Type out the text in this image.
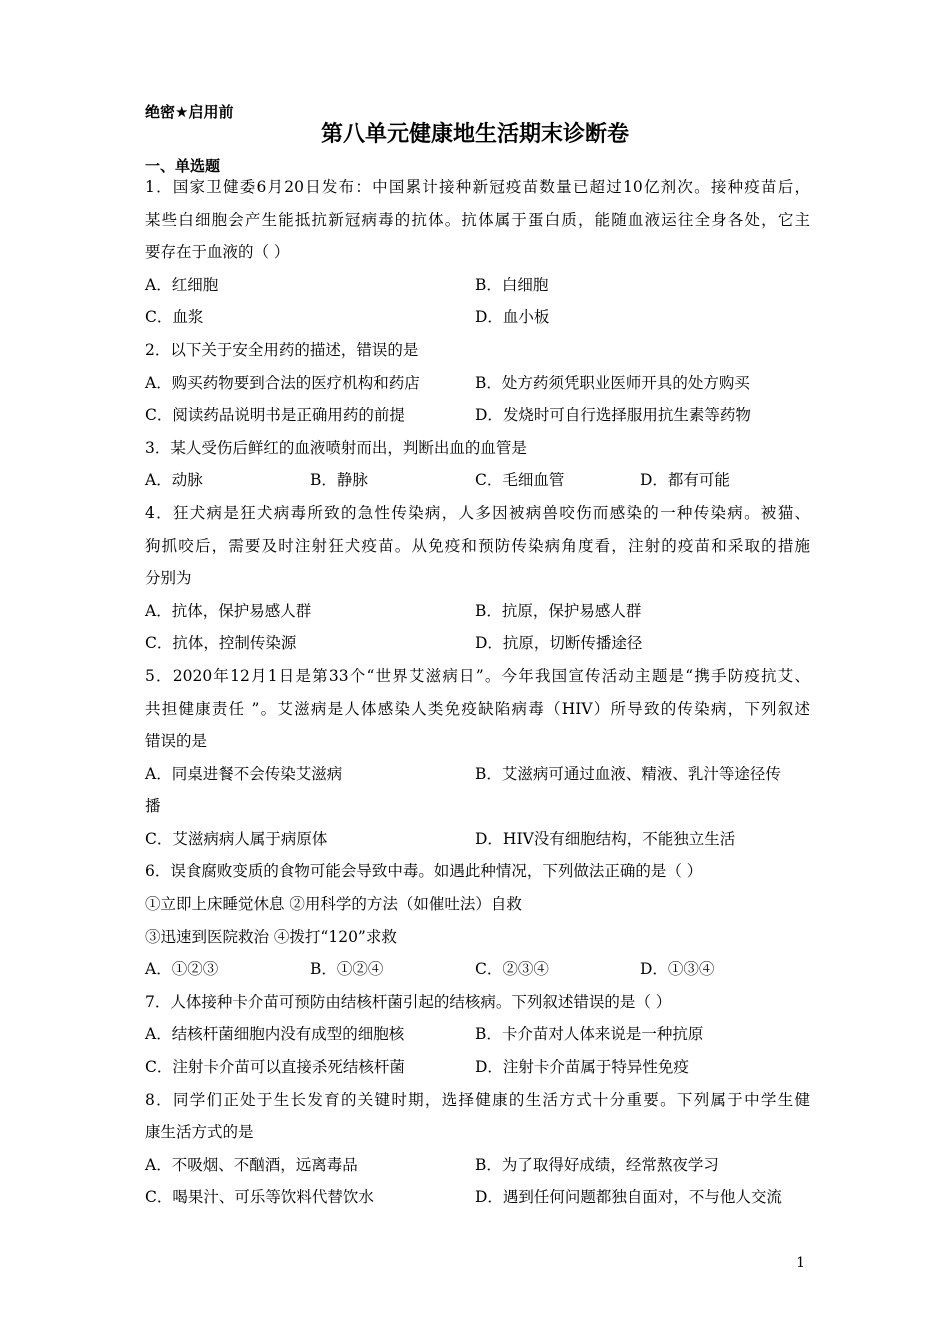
绝密★启用前
第八单元健康地生活期末诊断卷
一、单选题
1．国家卫健委6月20日发布：中国累计接种新冠疫苗数量已超过10亿剂次。接种疫苗后，
某些白细胞会产生能抵抗新冠病毒的抗体。抗体属于蛋白质，能随血液运往全身各处，它主
要存在于血液的（ ）
A．红细胞	B．白细胞
C．血浆	D．血小板
2．以下关于安全用药的描述，错误的是
A．购买药物要到合法的医疗机构和药店	B．处方药须凭职业医师开具的处方购买
C．阅读药品说明书是正确用药的前提	D．发烧时可自行选择服用抗生素等药物
3．某人受伤后鲜红的血液喷射而出，判断出血的血管是
A．动脉	B．静脉	C．毛细血管	D．都有可能
4．狂犬病是狂犬病毒所致的急性传染病，人多因被病兽咬伤而感染的一种传染病。被猫、
狗抓咬后，需要及时注射狂犬疫苗。从免疫和预防传染病角度看，注射的疫苗和采取的措施
分别为
A．抗体，保护易感人群	B．抗原，保护易感人群
C．抗体，控制传染源	D．抗原，切断传播途径
5．2020年12月1日是第33个“世界艾滋病日”。今年我国宣传活动主题是“携手防疫抗艾、
共担健康责任 ”。艾滋病是人体感染人类免疫缺陷病毒（HIV）所导致的传染病，下列叙述
错误的是
A．同桌进餐不会传染艾滋病	B．艾滋病可通过血液、精液、乳汁等途径传
播
C．艾滋病病人属于病原体	D．HIV没有细胞结构，不能独立生活
6．误食腐败变质的食物可能会导致中毒。如遇此种情况，下列做法正确的是（ ）
①立即上床睡觉休息 ②用科学的方法（如催吐法）自救
③迅速到医院救治 ④拨打“120”求救
A．①②③	B．①②④	C．②③④	D．①③④
7．人体接种卡介苗可预防由结核杆菌引起的结核病。下列叙述错误的是（ ）
A．结核杆菌细胞内没有成型的细胞核	B．卡介苗对人体来说是一种抗原
C．注射卡介苗可以直接杀死结核杆菌	D．注射卡介苗属于特异性免疫
8．同学们正处于生长发育的关键时期，选择健康的生活方式十分重要。下列属于中学生健
康生活方式的是
A．不吸烟、不酗酒，远离毒品	B．为了取得好成绩，经常熬夜学习
C．喝果汁、可乐等饮料代替饮水	D．遇到任何问题都独自面对，不与他人交流
1
